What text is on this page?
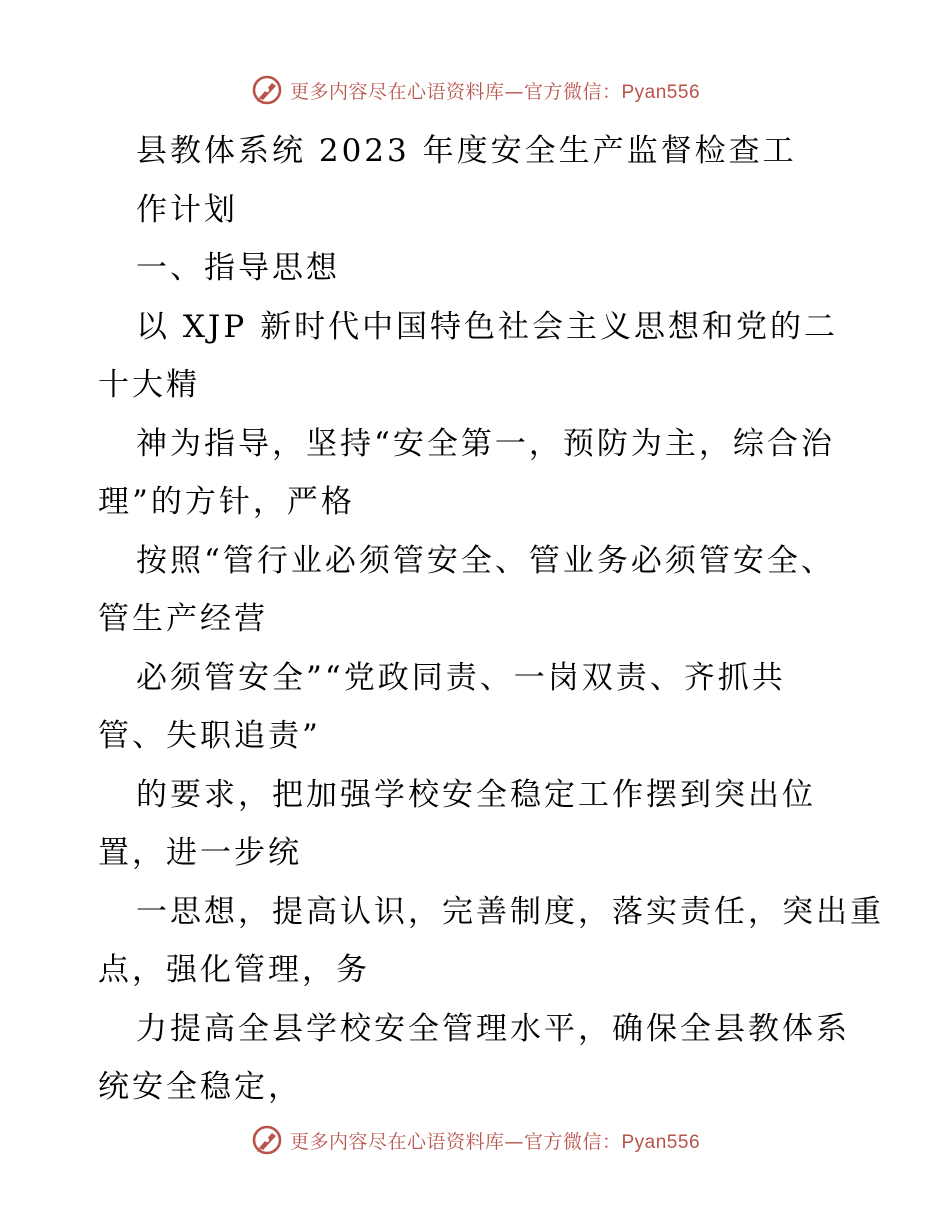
更多内容尽在心语资料库—官方微信：Pyan556
县教体系统 2023 年度安全生产监督检查工
作计划
一、指导思想
以 XJP 新时代中国特色社会主义思想和党的二
十大精
神为指导，坚持“安全第一，预防为主，综合治
理”的方针，严格
按照“管行业必须管安全、管业务必须管安全、
管生产经营
必须管安全”“党政同责、一岗双责、齐抓共
管、失职追责”
的要求，把加强学校安全稳定工作摆到突出位
置，进一步统
一思想，提高认识，完善制度，落实责任，突出重
点，强化管理，务
力提高全县学校安全管理水平，确保全县教体系
统安全稳定，
更多内容尽在心语资料库—官方微信：Pyan556
